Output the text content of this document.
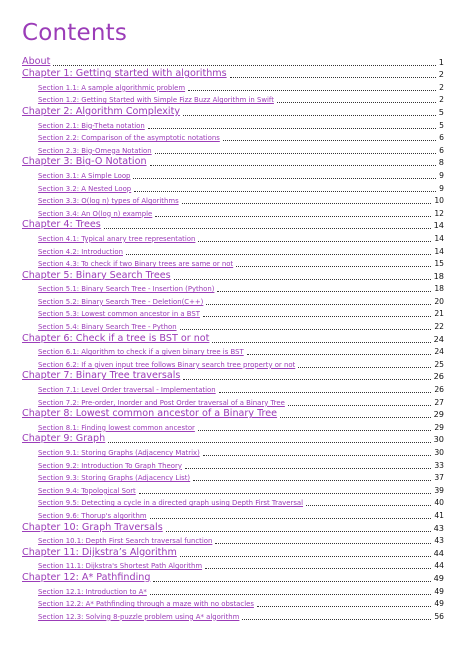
Contents
About	1
Chapter 1: Getting started with algorithms	2
Section 1.1: A sample algorithmic problem	2
Section 1.2: Getting Started with Simple Fizz Buzz Algorithm in Swift	2
Chapter 2: Algorithm Complexity	5
Section 2.1: Big-Theta notation	5
Section 2.2: Comparison of the asymptotic notations	6
Section 2.3: Big-Omega Notation	6
Chapter 3: Big-O Notation	8
Section 3.1: A Simple Loop	9
Section 3.2: A Nested Loop	9
Section 3.3: O(log n) types of Algorithms	10
Section 3.4: An O(log n) example	12
Chapter 4: Trees	14
Section 4.1: Typical anary tree representation	14
Section 4.2: Introduction	14
Section 4.3: To check if two Binary trees are same or not	15
Chapter 5: Binary Search Trees	18
Section 5.1: Binary Search Tree - Insertion (Python)	18
Section 5.2: Binary Search Tree - Deletion(C++)	20
Section 5.3: Lowest common ancestor in a BST	21
Section 5.4: Binary Search Tree - Python	22
Chapter 6: Check if a tree is BST or not	24
Section 6.1: Algorithm to check if a given binary tree is BST	24
Section 6.2: If a given input tree follows Binary search tree property or not	25
Chapter 7: Binary Tree traversals	26
Section 7.1: Level Order traversal - Implementation	26
Section 7.2: Pre-order, Inorder and Post Order traversal of a Binary Tree	27
Chapter 8: Lowest common ancestor of a Binary Tree	29
Section 8.1: Finding lowest common ancestor	29
Chapter 9: Graph	30
Section 9.1: Storing Graphs (Adjacency Matrix)	30
Section 9.2: Introduction To Graph Theory	33
Section 9.3: Storing Graphs (Adjacency List)	37
Section 9.4: Topological Sort	39
Section 9.5: Detecting a cycle in a directed graph using Depth First Traversal	40
Section 9.6: Thorup's algorithm	41
Chapter 10: Graph Traversals	43
Section 10.1: Depth First Search traversal function	43
Chapter 11: Dijkstra’s Algorithm	44
Section 11.1: Dijkstra's Shortest Path Algorithm	44
Chapter 12: A* Pathfinding	49
Section 12.1: Introduction to A*	49
Section 12.2: A* Pathfinding through a maze with no obstacles	49
Section 12.3: Solving 8-puzzle problem using A* algorithm	56
